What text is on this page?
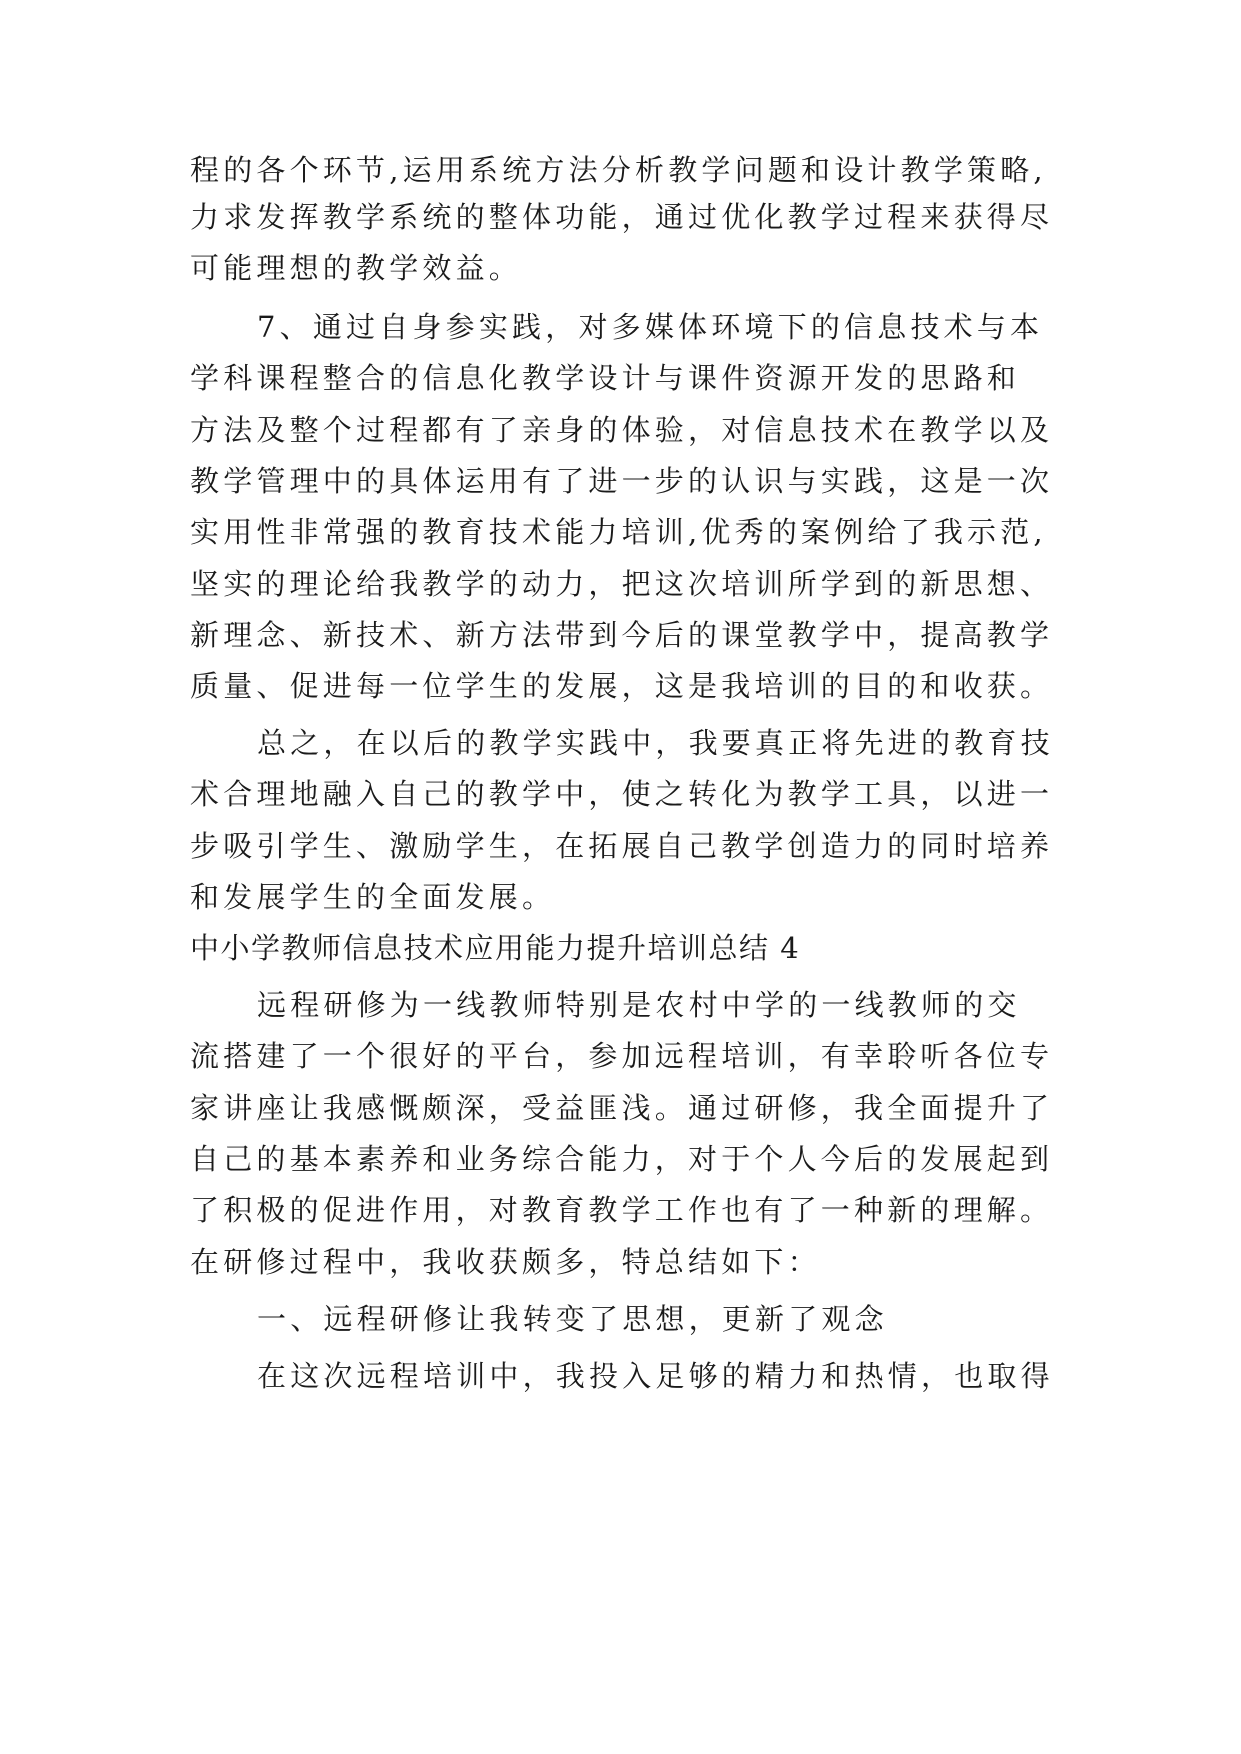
程的各个环节,运用系统方法分析教学问题和设计教学策略,
力求发挥教学系统的整体功能，通过优化教学过程来获得尽
可能理想的教学效益。
7、通过自身参实践，对多媒体环境下的信息技术与本
学科课程整合的信息化教学设计与课件资源开发的思路和
方法及整个过程都有了亲身的体验，对信息技术在教学以及
教学管理中的具体运用有了进一步的认识与实践，这是一次
实用性非常强的教育技术能力培训,优秀的案例给了我示范,
坚实的理论给我教学的动力，把这次培训所学到的新思想、
新理念、新技术、新方法带到今后的课堂教学中，提高教学
质量、促进每一位学生的发展，这是我培训的目的和收获。
总之，在以后的教学实践中，我要真正将先进的教育技
术合理地融入自己的教学中，使之转化为教学工具，以进一
步吸引学生、激励学生，在拓展自己教学创造力的同时培养
和发展学生的全面发展。
中小学教师信息技术应用能力提升培训总结 4
远程研修为一线教师特别是农村中学的一线教师的交
流搭建了一个很好的平台，参加远程培训，有幸聆听各位专
家讲座让我感慨颇深，受益匪浅。通过研修，我全面提升了
自己的基本素养和业务综合能力，对于个人今后的发展起到
了积极的促进作用，对教育教学工作也有了一种新的理解。
在研修过程中，我收获颇多，特总结如下：
一、远程研修让我转变了思想，更新了观念
在这次远程培训中，我投入足够的精力和热情，也取得
